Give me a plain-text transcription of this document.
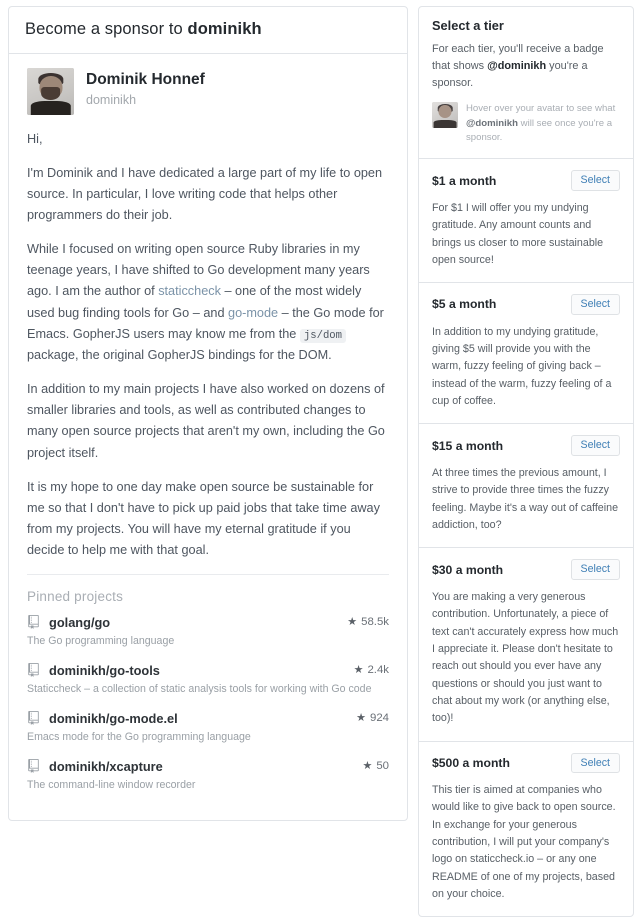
Become a sponsor to dominikh
Dominik Honnef
dominikh

Hi,

I'm Dominik and I have dedicated a large part of my life to open source. In particular, I love writing code that helps other programmers do their job.

While I focused on writing open source Ruby libraries in my teenage years, I have shifted to Go development many years ago. I am the author of staticcheck – one of the most widely used bug finding tools for Go – and go-mode – the Go mode for Emacs. GopherJS users may know me from the js/dom package, the original GopherJS bindings for the DOM.

In addition to my main projects I have also worked on dozens of smaller libraries and tools, as well as contributed changes to many open source projects that aren't my own, including the Go project itself.

It is my hope to one day make open source be sustainable for me so that I don't have to pick up paid jobs that take time away from my projects. You will have my eternal gratitude if you decide to help me with that goal.

Pinned projects
golang/go	★ 58.5k
The Go programming language
dominikh/go-tools	★ 2.4k
Staticcheck – a collection of static analysis tools for working with Go code
dominikh/go-mode.el	★ 924
Emacs mode for the Go programming language
dominikh/xcapture	★ 50
The command-line window recorder
Select a tier
For each tier, you'll receive a badge that shows @dominikh you're a sponsor.
Hover over your avatar to see what @dominikh will see once you're a sponsor.
$1 a month	Select
For $1 I will offer you my undying gratitude. Any amount counts and brings us closer to more sustainable open source!
$5 a month	Select
In addition to my undying gratitude, giving $5 will provide you with the warm, fuzzy feeling of giving back – instead of the warm, fuzzy feeling of a cup of coffee.
$15 a month	Select
At three times the previous amount, I strive to provide three times the fuzzy feeling. Maybe it's a way out of caffeine addiction, too?
$30 a month	Select
You are making a very generous contribution. Unfortunately, a piece of text can't accurately express how much I appreciate it. Please don't hesitate to reach out should you ever have any questions or should you just want to chat about my work (or anything else, too)!
$500 a month	Select
This tier is aimed at companies who would like to give back to open source. In exchange for your generous contribution, I will put your company's logo on staticcheck.io – or any one README of one of my projects, based on your choice.
